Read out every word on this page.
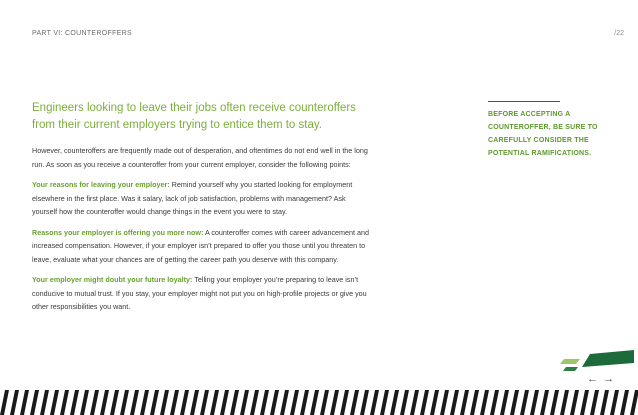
PART VI: COUNTEROFFERS	/22

Engineers looking to leave their jobs often receive counteroffers from their current employers trying to entice them to stay.

However, counteroffers are frequently made out of desperation, and oftentimes do not end well in the long run. As soon as you receive a counteroffer from your current employer, consider the following points:

Your reasons for leaving your employer: Remind yourself why you started looking for employment elsewhere in the first place. Was it salary, lack of job satisfaction, problems with management? Ask yourself how the counteroffer would change things in the event you were to stay.

Reasons your employer is offering you more now: A counteroffer comes with career advancement and increased compensation. However, if your employer isn’t prepared to offer you those until you threaten to leave, evaluate what your chances are of getting the career path you deserve with this company.

Your employer might doubt your future loyalty: Telling your employer you’re preparing to leave isn’t conducive to mutual trust. If you stay, your employer might not put you on high-profile projects or give you other responsibilities you want.

BEFORE ACCEPTING A COUNTEROFFER, BE SURE TO CAREFULLY CONSIDER THE POTENTIAL RAMIFICATIONS.

← →
